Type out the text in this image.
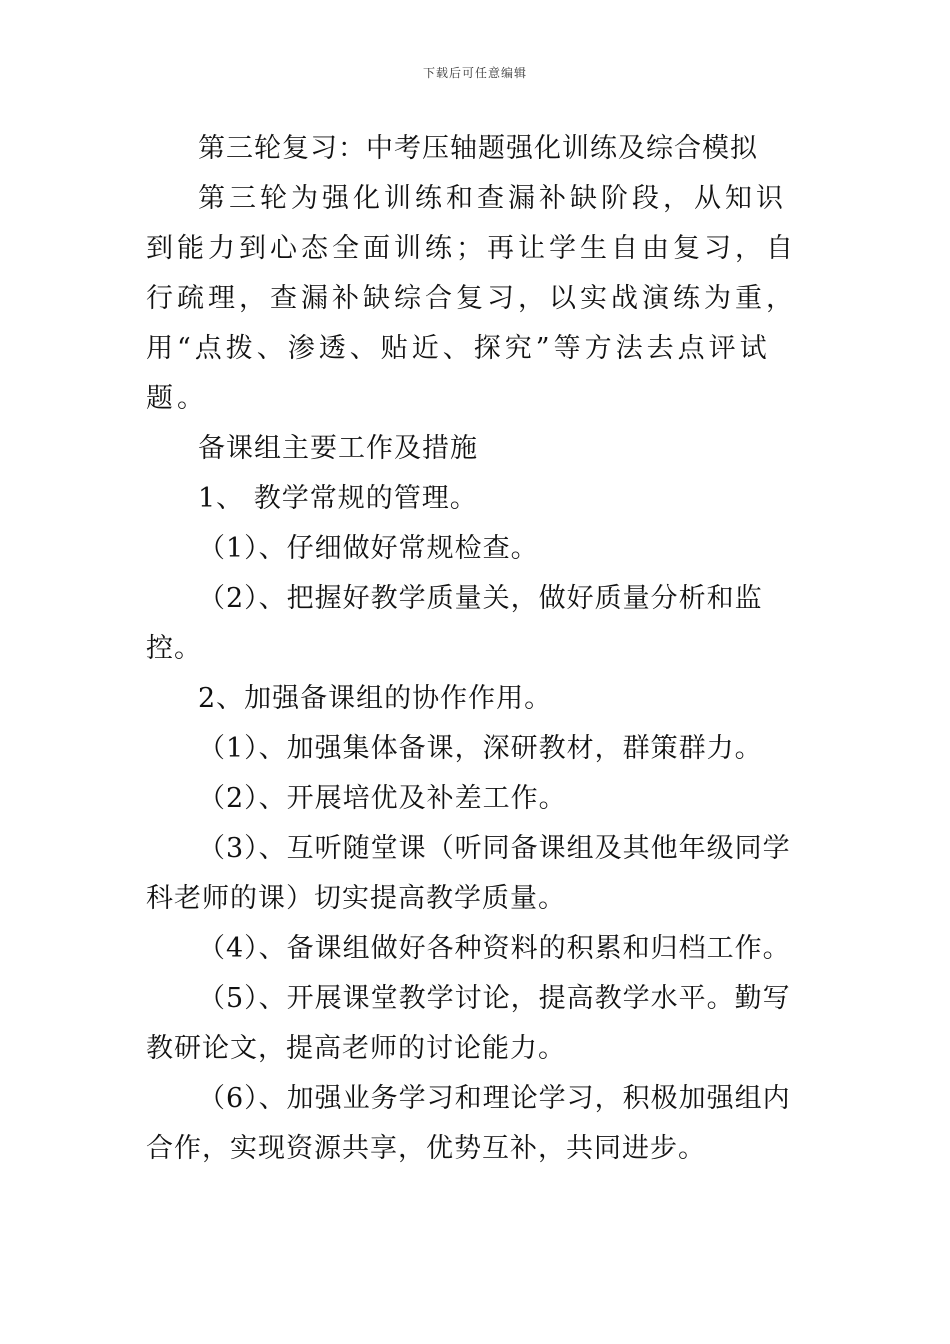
下载后可任意编辑

第三轮复习：中考压轴题强化训练及综合模拟

第三轮为强化训练和查漏补缺阶段，从知识到能力到心态全面训练；再让学生自由复习，自行疏理，查漏补缺综合复习，以实战演练为重，用“点拨、渗透、贴近、探究”等方法去点评试题。

备课组主要工作及措施

1、 教学常规的管理。

（1）、仔细做好常规检查。

（2）、把握好教学质量关，做好质量分析和监控。

2、加强备课组的协作作用。

（1）、加强集体备课，深研教材，群策群力。

（2）、开展培优及补差工作。

（3）、互听随堂课（听同备课组及其他年级同学科老师的课）切实提高教学质量。

（4）、备课组做好各种资料的积累和归档工作。

（5）、开展课堂教学讨论，提高教学水平。勤写教研论文，提高老师的讨论能力。

（6）、加强业务学习和理论学习，积极加强组内合作，实现资源共享，优势互补，共同进步。
